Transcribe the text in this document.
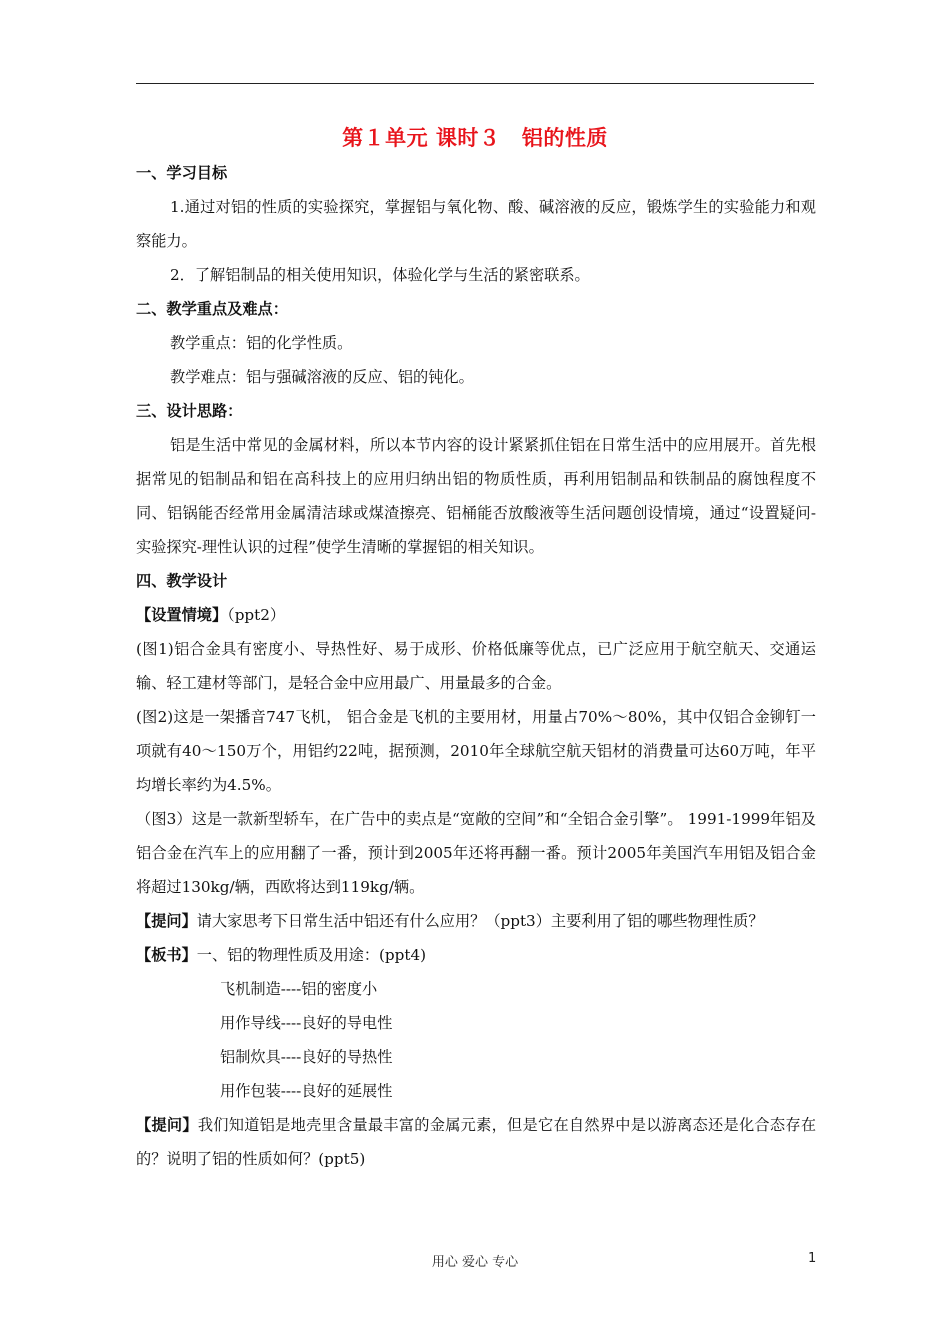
第１单元 课时３　铝的性质

一、学习目标

1.通过对铝的性质的实验探究，掌握铝与氧化物、酸、碱溶液的反应，锻炼学生的实验能力和观察能力。

2．了解铝制品的相关使用知识，体验化学与生活的紧密联系。

二、教学重点及难点：

教学重点：铝的化学性质。

教学难点：铝与强碱溶液的反应、铝的钝化。

三、设计思路：

铝是生活中常见的金属材料，所以本节内容的设计紧紧抓住铝在日常生活中的应用展开。首先根据常见的铝制品和铝在高科技上的应用归纳出铝的物质性质，再利用铝制品和铁制品的腐蚀程度不同、铝锅能否经常用金属清洁球或煤渣擦亮、铝桶能否放酸液等生活问题创设情境，通过“设置疑问-实验探究-理性认识的过程”使学生清晰的掌握铝的相关知识。

四、教学设计

【设置情境】（ppt2）

(图1)铝合金具有密度小、导热性好、易于成形、价格低廉等优点，已广泛应用于航空航天、交通运输、轻工建材等部门，是轻合金中应用最广、用量最多的合金。

(图2)这是一架播音747飞机， 铝合金是飞机的主要用材，用量占70%～80%，其中仅铝合金铆钉一项就有40～150万个，用铝约22吨，据预测，2010年全球航空航天铝材的消费量可达60万吨，年平均增长率约为4.5%。

（图3）这是一款新型轿车，在广告中的卖点是“宽敞的空间”和“全铝合金引擎”。 1991-1999年铝及铝合金在汽车上的应用翻了一番，预计到2005年还将再翻一番。预计2005年美国汽车用铝及铝合金将超过130kg/辆，西欧将达到119kg/辆。

【提问】请大家思考下日常生活中铝还有什么应用？（ppt3）主要利用了铝的哪些物理性质？

【板书】一、铝的物理性质及用途：(ppt4)

飞机制造----铝的密度小

用作导线----良好的导电性

铝制炊具----良好的导热性

用作包装----良好的延展性

【提问】我们知道铝是地壳里含量最丰富的金属元素，但是它在自然界中是以游离态还是化合态存在的？说明了铝的性质如何？(ppt5)

用心 爱心 专心	1
